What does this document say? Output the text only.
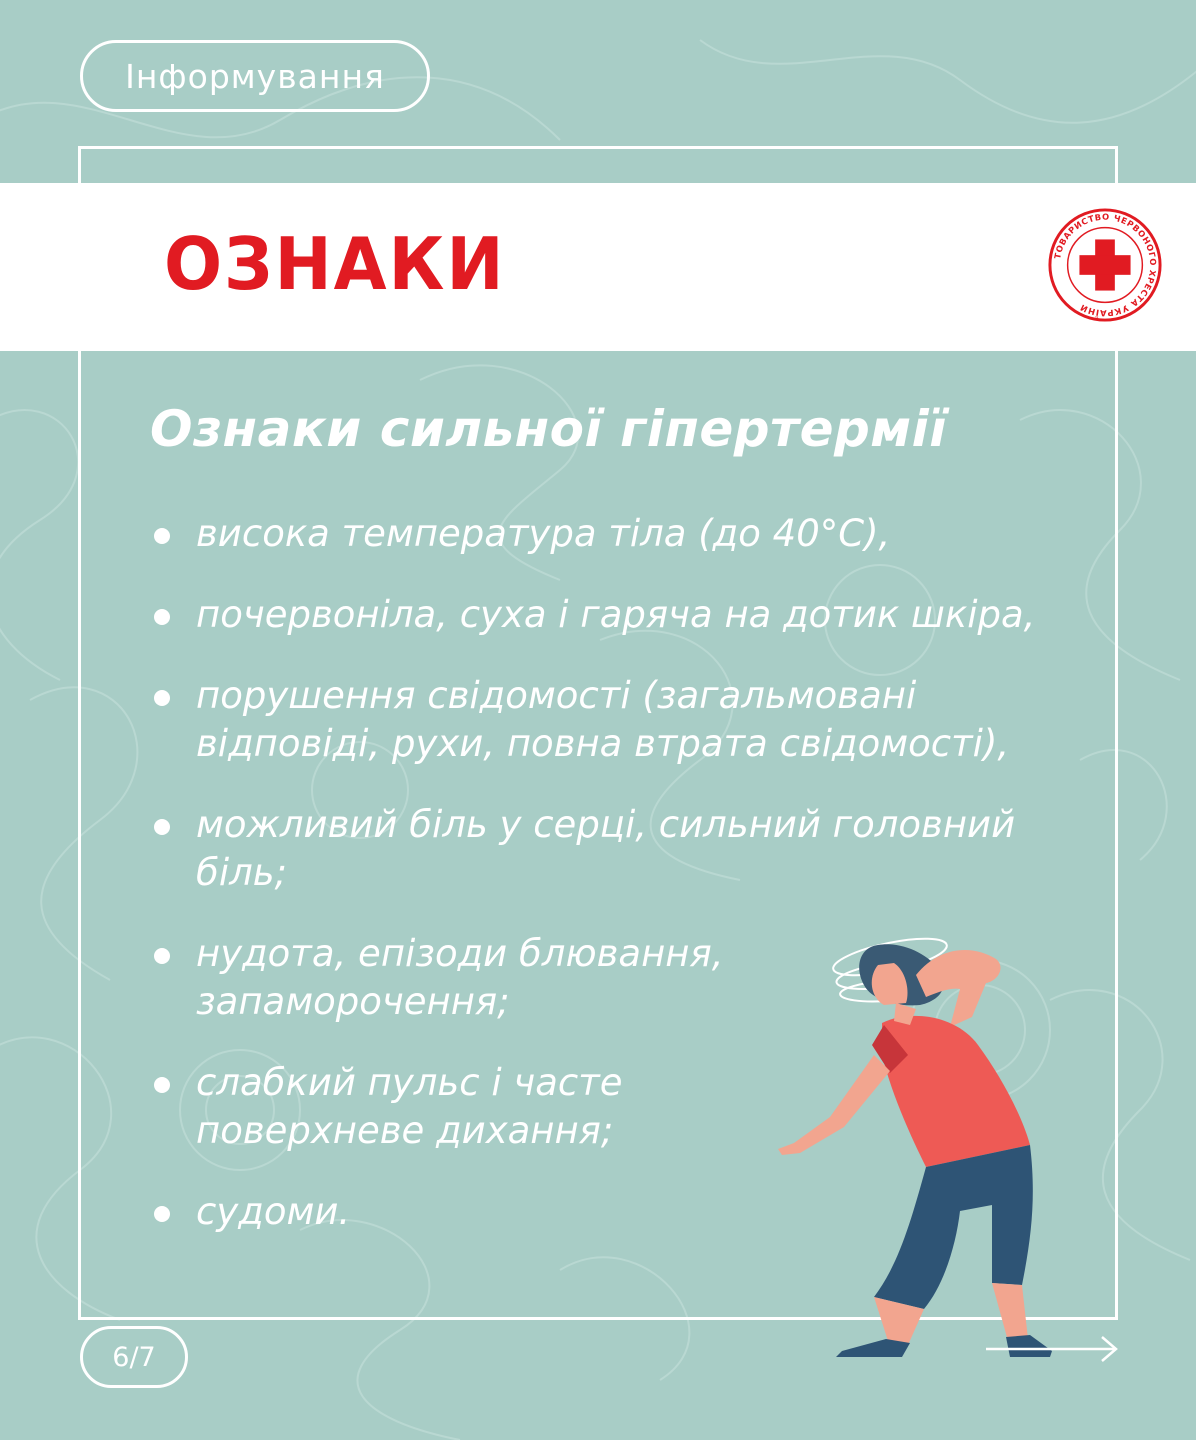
Інформування
ОЗНАКИ	ТОВАРИСТВО ЧЕРВОНОГО ХРЕСТА УКРАЇНИ
Ознаки сильної гіпертермії
висока температура тіла (до 40°С),
почервоніла, суха і гаряча на дотик шкіра,
порушення свідомості (загальмовані
відповіді, рухи, повна втрата свідомості),
можливий біль у серці, сильний головний
біль;
нудота, епізоди блювання,
запаморочення;
слабкий пульс і часте
поверхневе дихання;
судоми.
6/7
